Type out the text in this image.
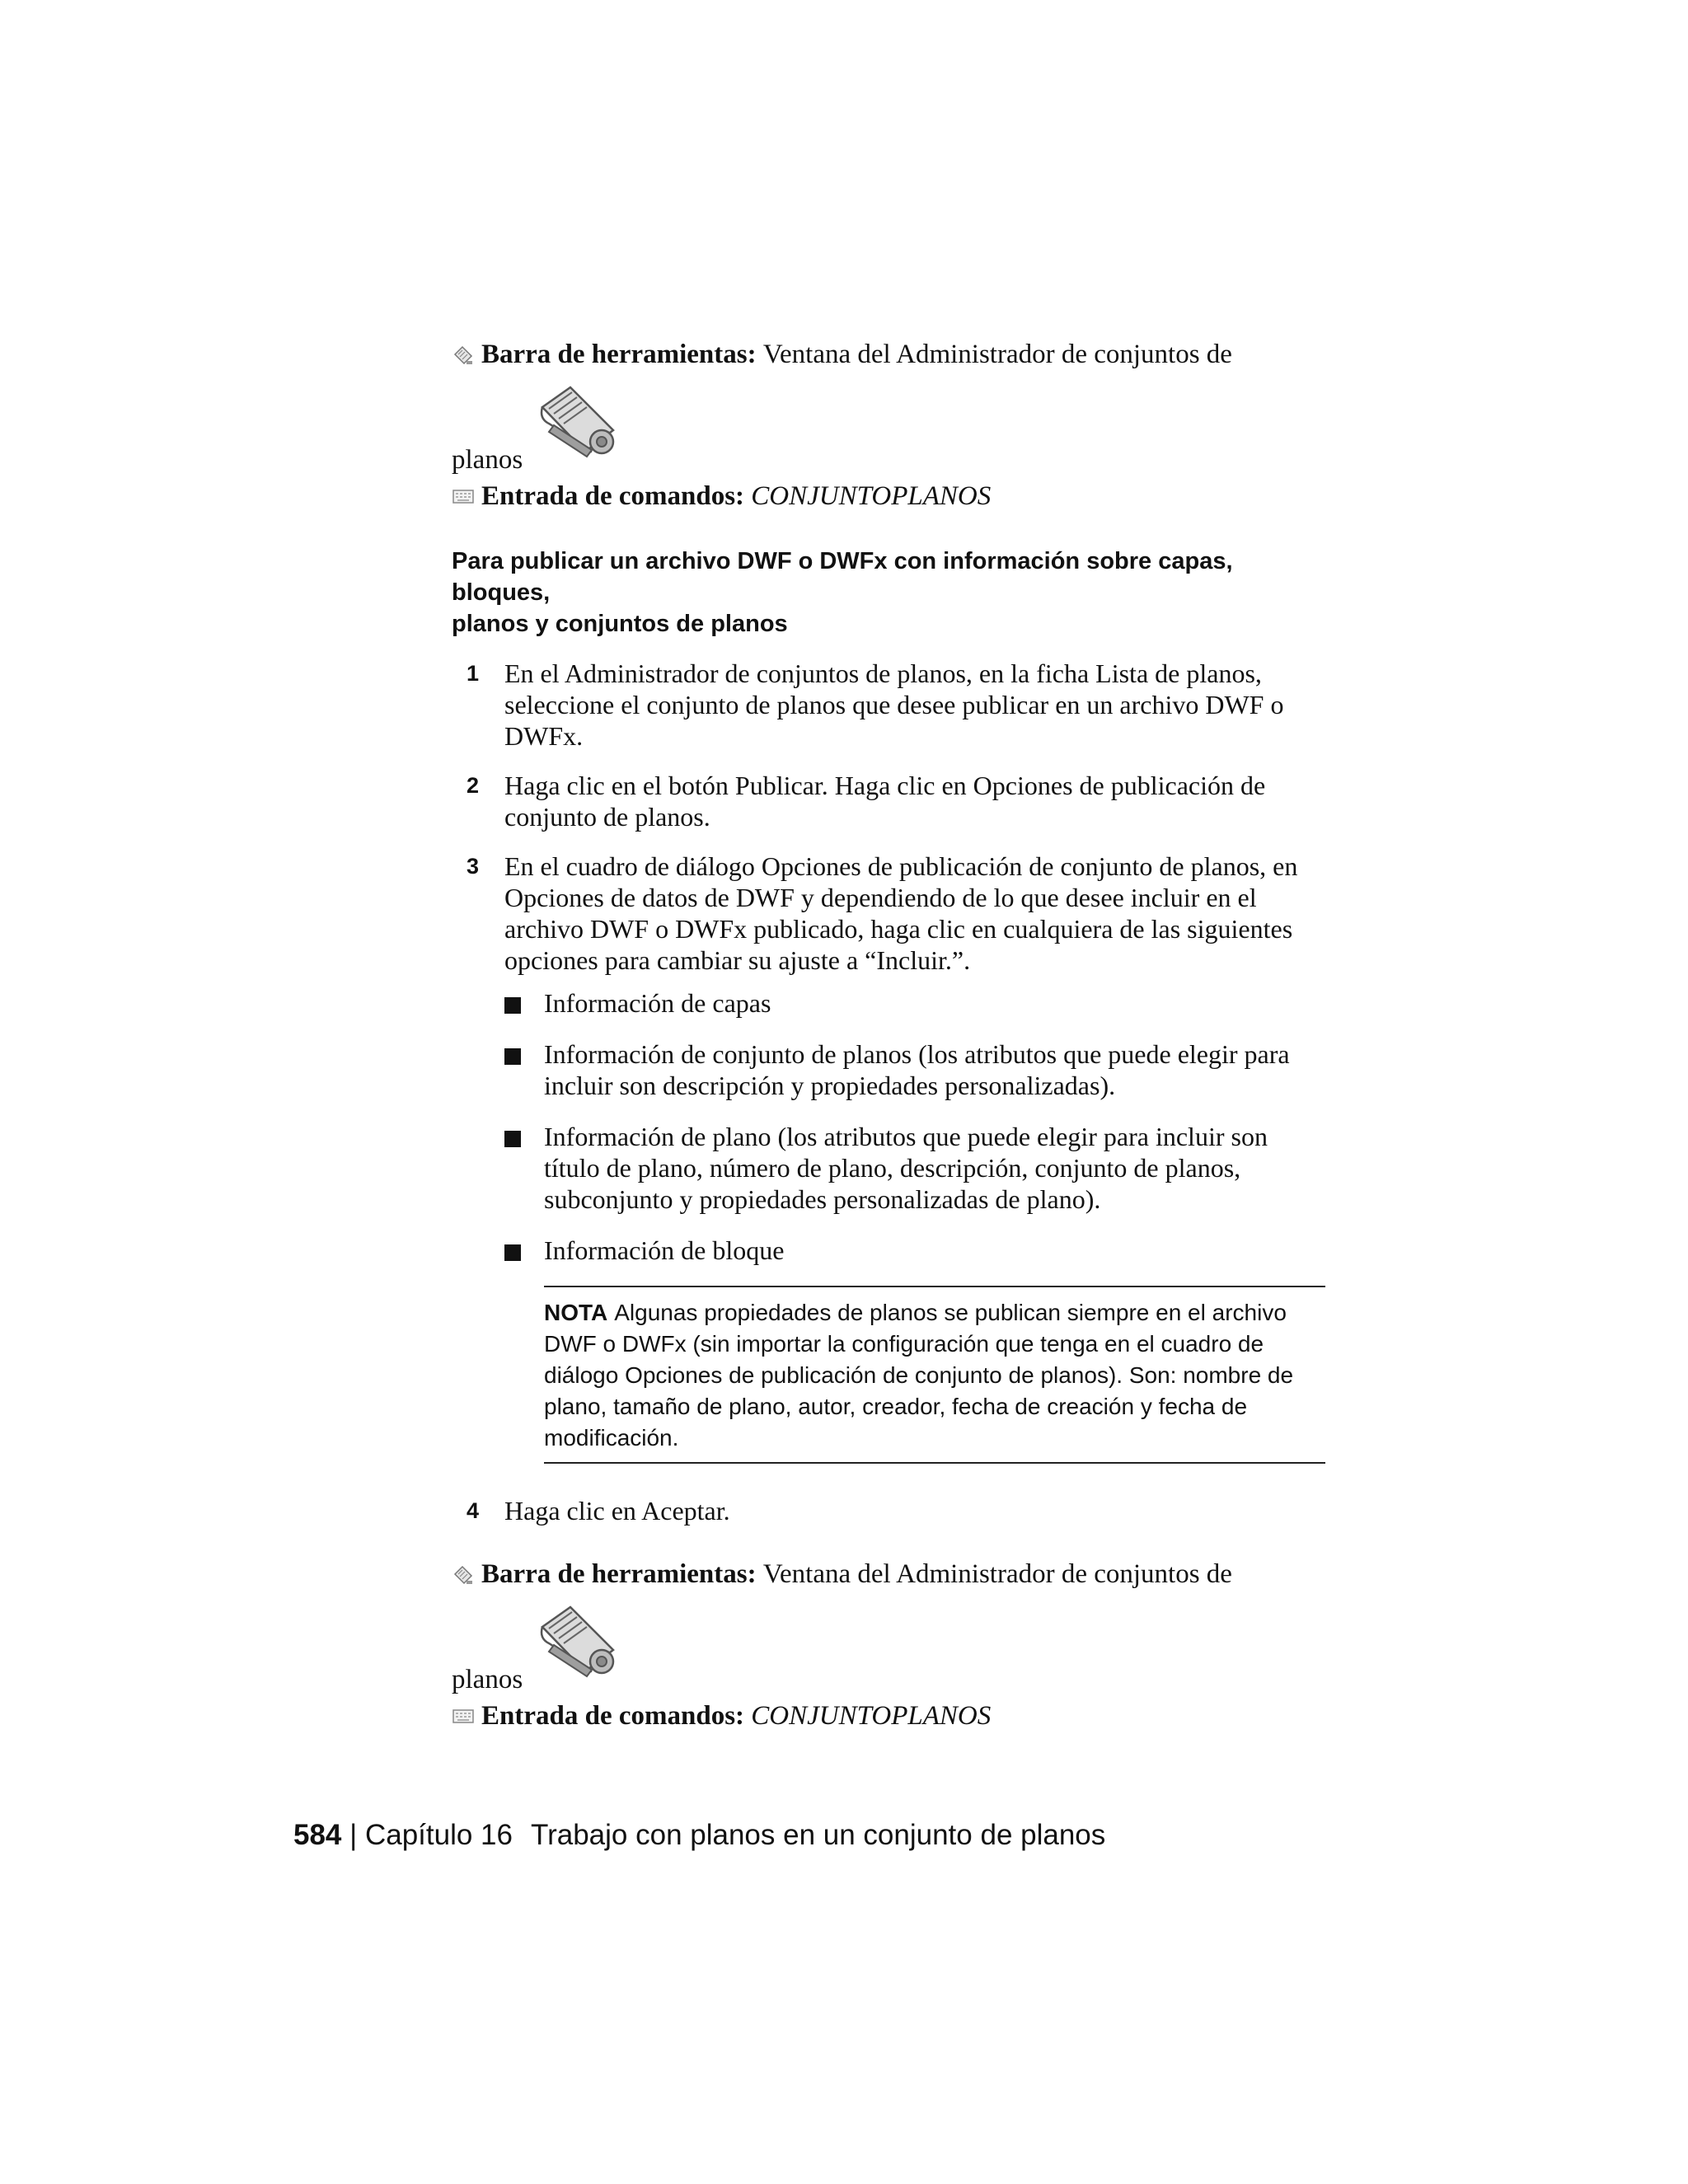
Barra de herramientas:
Ventana del Administrador de conjuntos de
planos
Entrada de comandos:
CONJUNTOPLANOS
Para publicar un archivo DWF o DWFx con información sobre capas, bloques,
planos y conjuntos de planos
1 En el Administrador de conjuntos de planos, en la ficha Lista de planos, seleccione el conjunto de planos que desee publicar en un archivo DWF o DWFx.
2 Haga clic en el botón Publicar. Haga clic en Opciones de publicación de conjunto de planos.
3 En el cuadro de diálogo Opciones de publicación de conjunto de planos, en Opciones de datos de DWF y dependiendo de lo que desee incluir en el archivo DWF o DWFx publicado, haga clic en cualquiera de las siguientes opciones para cambiar su ajuste a “Incluir.”.
Información de capas
Información de conjunto de planos (los atributos que puede elegir para incluir son descripción y propiedades personalizadas).
Información de plano (los atributos que puede elegir para incluir son título de plano, número de plano, descripción, conjunto de planos, subconjunto y propiedades personalizadas de plano).
Información de bloque
NOTA Algunas propiedades de planos se publican siempre en el archivo DWF o DWFx (sin importar la configuración que tenga en el cuadro de diálogo Opciones de publicación de conjunto de planos). Son: nombre de plano, tamaño de plano, autor, creador, fecha de creación y fecha de modificación.
4 Haga clic en Aceptar.
Barra de herramientas:
Ventana del Administrador de conjuntos de
planos
Entrada de comandos:
CONJUNTOPLANOS
584 | Capítulo 16 Trabajo con planos en un conjunto de planos
